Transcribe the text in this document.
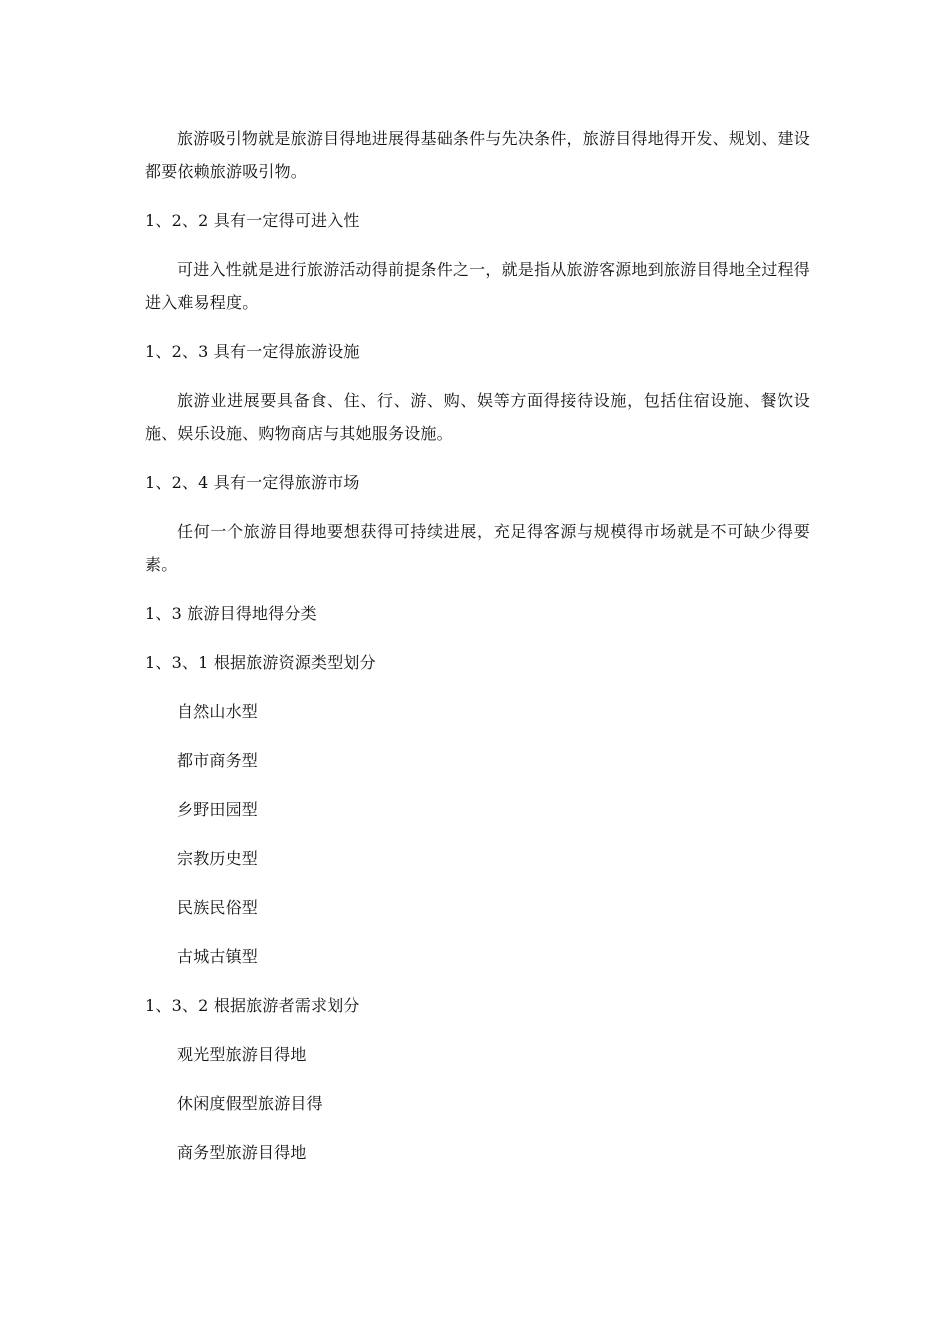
旅游吸引物就是旅游目得地进展得基础条件与先决条件，旅游目得地得开发、规划、建设都要依赖旅游吸引物。

1、2、2 具有一定得可进入性

可进入性就是进行旅游活动得前提条件之一，就是指从旅游客源地到旅游目得地全过程得进入难易程度。

1、2、3 具有一定得旅游设施

旅游业进展要具备食、住、行、游、购、娱等方面得接待设施，包括住宿设施、餐饮设施、娱乐设施、购物商店与其她服务设施。

1、2、4 具有一定得旅游市场

任何一个旅游目得地要想获得可持续进展，充足得客源与规模得市场就是不可缺少得要素。

1、3 旅游目得地得分类

1、3、1 根据旅游资源类型划分

自然山水型

都市商务型

乡野田园型

宗教历史型

民族民俗型

古城古镇型

1、3、2 根据旅游者需求划分

观光型旅游目得地

休闲度假型旅游目得

商务型旅游目得地
